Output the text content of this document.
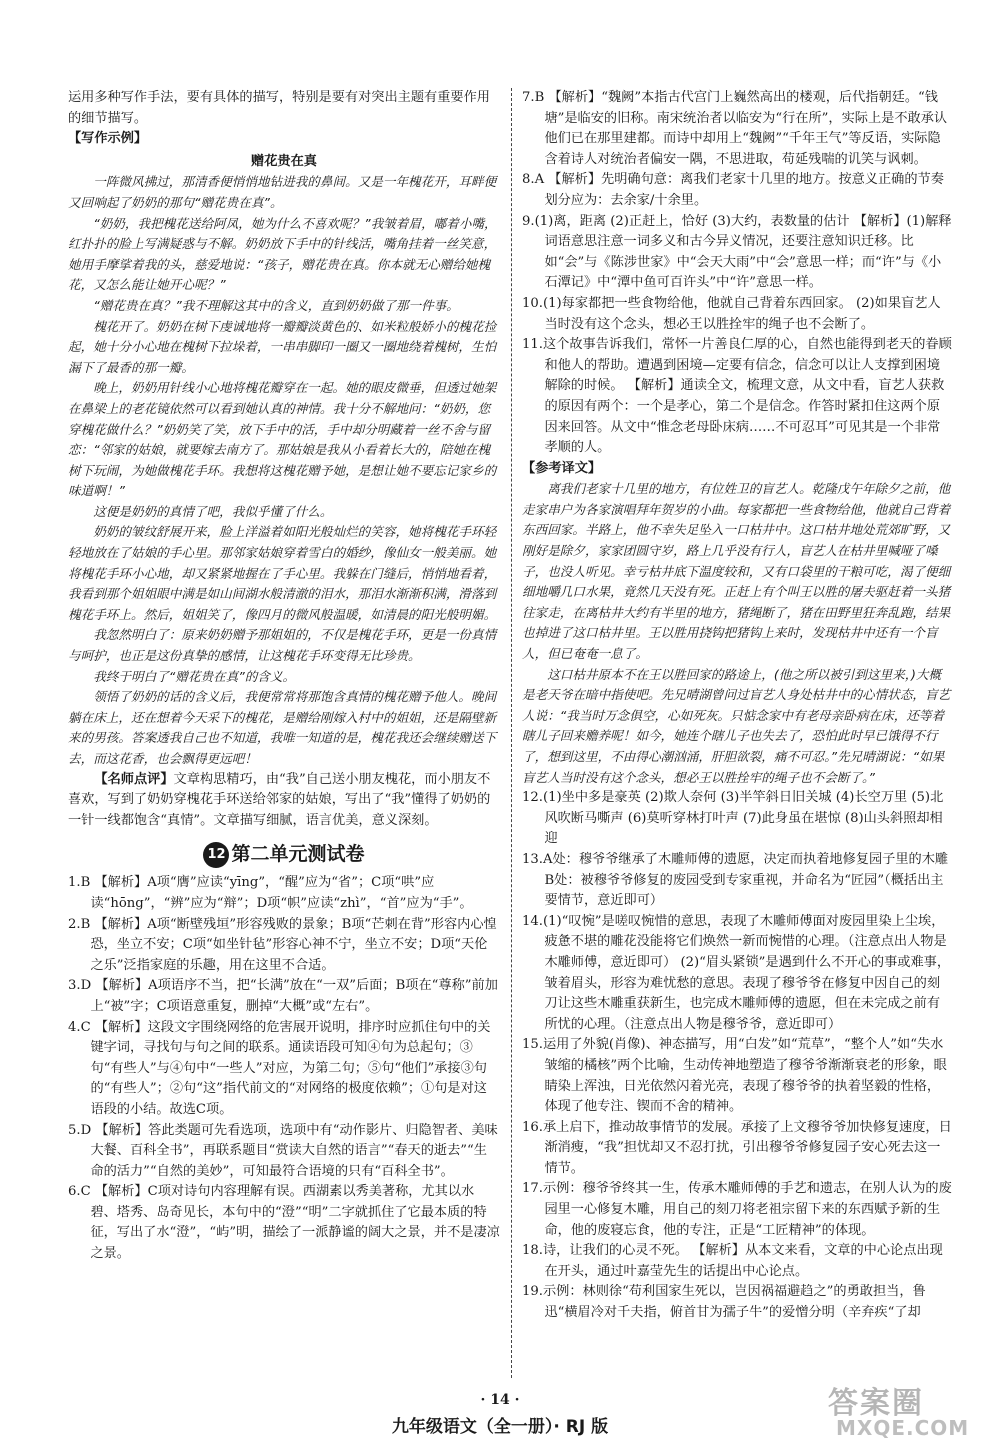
运用多种写作手法，要有具体的描写，特别是要有对突出主题有重要作用的细节描写。

【写作示例】

赠花贵在真

一阵微风拂过，那清香便悄悄地钻进我的鼻间。又是一年槐花开，耳畔便又回响起了奶奶的那句“赠花贵在真”。

“奶奶，我把槐花送给阿凤，她为什么不喜欢呢？”我皱着眉，嘟着小嘴，红扑扑的脸上写满疑惑与不解。奶奶放下手中的针线活，嘴角挂着一丝笑意，她用手摩挲着我的头，慈爱地说：“孩子，赠花贵在真。你本就无心赠给她槐花，又怎么能让她开心呢？”

“赠花贵在真？”我不理解这其中的含义，直到奶奶做了那一件事。

槐花开了。奶奶在树下虔诚地将一瓣瓣淡黄色的、如米粒般娇小的槐花捡起，她十分小心地在槐树下拉垛着，一串串脚印一圈又一圈地绕着槐树，生怕漏下了最香的那一瓣。

晚上，奶奶用针线小心地将槐花瓣穿在一起。她的眼皮微垂，但透过她架在鼻梁上的老花镜依然可以看到她认真的神情。我十分不解地问：“奶奶，您穿槐花做什么？”奶奶笑了笑，放下手中的活，手中却分明藏着一丝不舍与留恋：“邻家的姑娘，就要嫁去南方了。那姑娘是我从小看着长大的，陪她在槐树下玩闹，为她做槐花手环。我想将这槐花赠予她，是想让她不要忘记家乡的味道啊！”

这便是奶奶的真情了吧，我似乎懂了什么。

奶奶的皱纹舒展开来，脸上洋溢着如阳光般灿烂的笑容，她将槐花手环轻轻地放在了姑娘的手心里。那邻家姑娘穿着雪白的婚纱，像仙女一般美丽。她将槐花手环小心地，却又紧紧地握在了手心里。我躲在门缝后，悄悄地看着，我看到那个姐姐眼中满是如山间湖水般清澈的泪水，那泪水渐渐积满，滑落到槐花手环上。然后，姐姐笑了，像四月的微风般温暖，如清晨的阳光般明媚。

我忽然明白了：原来奶奶赠予那姐姐的，不仅是槐花手环，更是一份真情与呵护，也正是这份真挚的感情，让这槐花手环变得无比珍贵。

我终于明白了“赠花贵在真”的含义。

领悟了奶奶的话的含义后，我便常常将那饱含真情的槐花赠予他人。晚间躺在床上，还在想着今天采下的槐花，是赠给刚嫁入村中的姐姐，还是隔壁新来的男孩。答案透我自己也不知道，我唯一知道的是，槐花我还会继续赠送下去，而这花香，也会飘得更远吧！

【名师点评】文章构思精巧，由“我”自己送小朋友槐花，而小朋友不喜欢，写到了奶奶穿槐花手环送给邻家的姑娘，写出了“我”懂得了奶奶的一针一线都饱含“真情”。文章描写细腻，语言优美，意义深刻。

12 第二单元测试卷

1.B 【解析】A项“膺”应读“yīng”，“醒”应为“省”；C项“哄”应读“hōng”，“辨”应为“辩”；D项“帜”应读“zhì”，“首”应为“手”。

2.B 【解析】A项“断壁残垣”形容残败的景象；B项“芒刺在背”形容内心惶恐，坐立不安；C项“如坐针毡”形容心神不宁，坐立不安；D项“天伦之乐”泛指家庭的乐趣，用在这里不合适。

3.D 【解析】A项语序不当，把“长满”放在“一双”后面；B项在“尊称”前加上“被”字；C项语意重复，删掉“大概”或“左右”。

4.C 【解析】这段文字围绕网络的危害展开说明，排序时应抓住句中的关键字词，寻找句与句之间的联系。通读语段可知④句为总起句；③句“有些人”与④句中“一些人”对应，为第二句；⑤句“他们”承接③句的“有些人”；②句“这”指代前文的“对网络的极度依赖”；①句是对这语段的小结。故选C项。

5.D 【解析】答此类题可先看选项，选项中有“动作影片、归隐智者、美味大餐、百科全书”，再联系题目“赏读大自然的语言”“春天的逝去”“生命的活力”“自然的美妙”，可知最符合语境的只有“百科全书”。

6.C 【解析】C项对诗句内容理解有误。西湖素以秀美著称，尤其以水碧、塔秀、岛奇见长，本句中的“澄”“明”二字就抓住了它最本质的特征，写出了水“澄”，“屿”明，描绘了一派静谧的阔大之景，并不是凄凉之景。

7.B 【解析】“魏阙”本指古代宫门上巍然高出的楼观，后代指朝廷。“钱塘”是临安的旧称。南宋统治者以临安为“行在所”，实际上是不敢承认他们已在那里建都。而诗中却用上“魏阙”“千年王气”等反语，实际隐含着诗人对统治者偏安一隅，不思进取，苟延残喘的讥笑与讽刺。

8.A 【解析】先明确句意：离我们老家十几里的地方。按意义正确的节奏划分应为：去余家/十余里。

9.(1)离，距离 (2)正赶上，恰好 (3)大约，表数量的估计 【解析】(1)解释词语意思注意一词多义和古今异义情况，还要注意知识迁移。比如“会”与《陈涉世家》中“会天大雨”中“会”意思一样；而“许”与《小石潭记》中“潭中鱼可百许头”中“许”意思一样。

10.(1)每家都把一些食物给他，他就自己背着东西回家。 (2)如果盲艺人当时没有这个念头，想必王以胜拴牢的绳子也不会断了。

11.这个故事告诉我们，常怀一片善良仁厚的心，自然也能得到老天的眷顾和他人的帮助。遭遇到困境—定要有信念，信念可以让人支撑到困境解除的时候。 【解析】通读全文，梳理文意，从文中看，盲艺人获救的原因有两个：一个是孝心，第二个是信念。作答时紧扣住这两个原因来回答。从文中“惟念老母卧床病……不可忍耳”可见其是一个非常孝顺的人。

【参考译文】

离我们老家十几里的地方，有位姓卫的盲艺人。乾隆戊午年除夕之前，他走家串户为各家演唱拜年贺岁的小曲。每家都把一些食物给他，他就自己背着东西回家。半路上，他不幸失足坠入一口枯井中。这口枯井地处荒郊旷野，又刚好是除夕，家家团圆守岁，路上几乎没有行人，盲艺人在枯井里喊哑了嗓子，也没人听见。幸亏枯井底下温度较和，又有口袋里的干粮可吃，渴了便细细地嚼几口水果，竟然几天没有死。正赶上有个叫王以胜的屠夫驱赶着一头猪往家走，在离枯井大约有半里的地方，猪绳断了，猪在田野里狂奔乱跑，结果也掉进了这口枯井里。王以胜用挠钩把猪钩上来时，发现枯井中还有一个盲人，但已奄奄一息了。

这口枯井原本不在王以胜回家的路途上，(他之所以被引到这里来，)大概是老天爷在暗中指使吧。先兄晴湖曾问过盲艺人身处枯井中的心情状态，盲艺人说：“我当时万念俱空，心如死灰。只惦念家中有老母亲卧病在床，还等着瞎儿子回来赡养呢！如今，她连个瞎儿子也失去了，恐怕此时早已饿得不行了，想到这里，不由得心潮汹涌，肝胆欲裂，痛不可忍。”先兄晴湖说：“如果盲艺人当时没有这个念头，想必王以胜拴牢的绳子也不会断了。”

12.(1)坐中多是豪英 (2)欺人奈何 (3)半竿斜日旧关城 (4)长空万里 (5)北风吹断马嘶声 (6)莫听穿林打叶声 (7)此身虽在堪惊 (8)山头斜照却相迎

13.A处：穆爷爷继承了木雕师傅的遗愿，决定而执着地修复园子里的木雕 B处：被穆爷爷修复的废园受到专家重视，并命名为“匠园”（概括出主要情节，意近即可）

14.(1)“叹惋”是嗟叹惋惜的意思，表现了木雕师傅面对废园里染上尘埃，疲惫不堪的雕花没能将它们焕然一新而惋惜的心理。（注意点出人物是木雕师傅，意近即可） (2)“眉头紧锁”是遇到什么不开心的事或难事，皱着眉头，形容为难忧愁的意思。表现了穆爷爷在修复中因自己的刻刀让这些木雕重获新生，也完成木雕师傅的遗愿，但在未完成之前有所忧的心理。（注意点出人物是穆爷爷，意近即可）

15.运用了外貌(肖像)、神态描写，用“白发”如“荒草”，“整个人”如“失水皱缩的橘核”两个比喻，生动传神地塑造了穆爷爷渐渐衰老的形象，眼睛染上浑浊，日光依然闪着光亮，表现了穆爷爷的执着坚毅的性格，体现了他专注、锲而不舍的精神。

16.承上启下，推动故事情节的发展。承接了上文穆爷爷加快修复速度，日渐消瘦，“我”担忧却又不忍打扰，引出穆爷爷修复园子安心死去这一情节。

17.示例：穆爷爷终其一生，传承木雕师傅的手艺和遗志，在别人认为的废园里一心修复木雕，用自己的刻刀将老祖宗留下来的东西赋予新的生命，他的废寝忘食，他的专注，正是“工匠精神”的体现。

18.诗，让我们的心灵不死。 【解析】从本文来看，文章的中心论点出现在开头，通过叶嘉莹先生的话提出中心论点。

19.示例：林则徐“苟利国家生死以，岂因祸福避趋之”的勇敢担当，鲁迅“横眉冷对千夫指，俯首甘为孺子牛”的爱憎分明（辛弃疾“了却

· 14 ·
九年级语文（全一册）· RJ 版
答案圈
MXQE.COM
